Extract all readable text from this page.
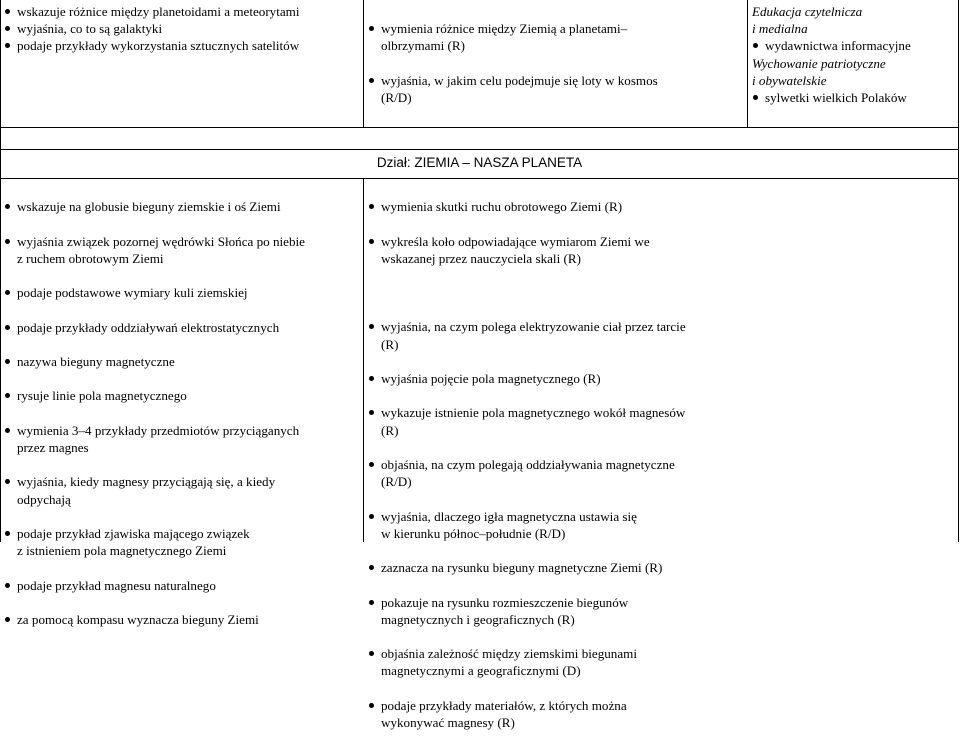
wskazuje różnice między planetoidami a meteorytami
wyjaśnia, co to są galaktyki
podaje przykłady wykorzystania sztucznych satelitów

wymienia różnice między Ziemią a planetami–
olbrzymami (R)

wyjaśnia, w jakim celu podejmuje się loty w kosmos
(R/D)

Edukacja czytelnicza
i medialna
wydawnictwa informacyjne
Wychowanie patriotyczne
i obywatelskie
sylwetki wielkich Polaków
Dział: ZIEMIA – NASZA PLANETA

wskazuje na globusie bieguny ziemskie i oś Ziemi

wyjaśnia związek pozornej wędrówki Słońca po niebie
z ruchem obrotowym Ziemi

podaje podstawowe wymiary kuli ziemskiej

podaje przykłady oddziaływań elektrostatycznych

nazywa bieguny magnetyczne

rysuje linie pola magnetycznego

wymienia 3–4 przykłady przedmiotów przyciąganych
przez magnes

wyjaśnia, kiedy magnesy przyciągają się, a kiedy
odpychają

podaje przykład zjawiska mającego związek
z istnieniem pola magnetycznego Ziemi

podaje przykład magnesu naturalnego

za pomocą kompasu wyznacza bieguny Ziemi

wymienia skutki ruchu obrotowego Ziemi (R)

wykreśla koło odpowiadające wymiarom Ziemi we
wskazanej przez nauczyciela skali (R)

wyjaśnia, na czym polega elektryzowanie ciał przez tarcie
(R)

wyjaśnia pojęcie pola magnetycznego (R)

wykazuje istnienie pola magnetycznego wokół magnesów
(R)

objaśnia, na czym polegają oddziaływania magnetyczne
(R/D)

wyjaśnia, dlaczego igła magnetyczna ustawia się
w kierunku północ–południe (R/D)

zaznacza na rysunku bieguny magnetyczne Ziemi (R)

pokazuje na rysunku rozmieszczenie biegunów
magnetycznych i geograficznych (R)

objaśnia zależność między ziemskimi biegunami
magnetycznymi a geograficznymi (D)

podaje przykłady materiałów, z których można
wykonywać magnesy (R)
